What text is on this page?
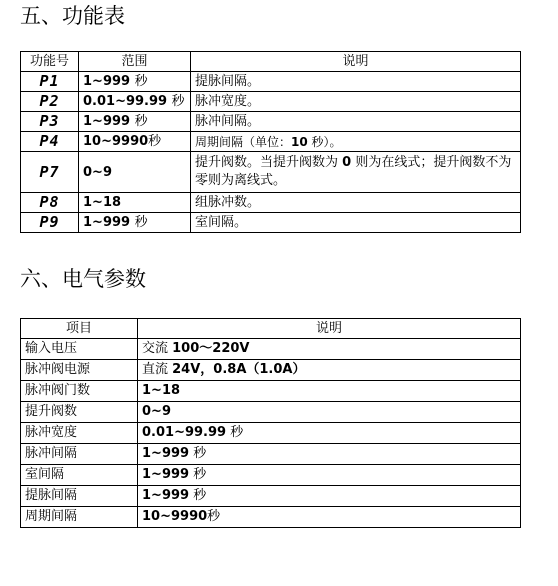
五、功能表
功能号	范围	说明
P1	1~999 秒	提脉间隔。
P2	0.01~99.99 秒	脉冲宽度。
P3	1~999 秒	脉冲间隔。
P4	10~9990秒	周期间隔（单位：10 秒）。
P7	0~9	提升阀数。当提升阀数为 0 则为在线式；提升阀数不为零则为离线式。
P8	1~18	组脉冲数。
P9	1~999 秒	室间隔。
六、电气参数
项目	说明
输入电压	交流 100～220V
脉冲阀电源	直流 24V，0.8A（1.0A）
脉冲阀门数	1~18
提升阀数	0~9
脉冲宽度	0.01~99.99 秒
脉冲间隔	1~999 秒
室间隔	1~999 秒
提脉间隔	1~999 秒
周期间隔	10~9990秒
